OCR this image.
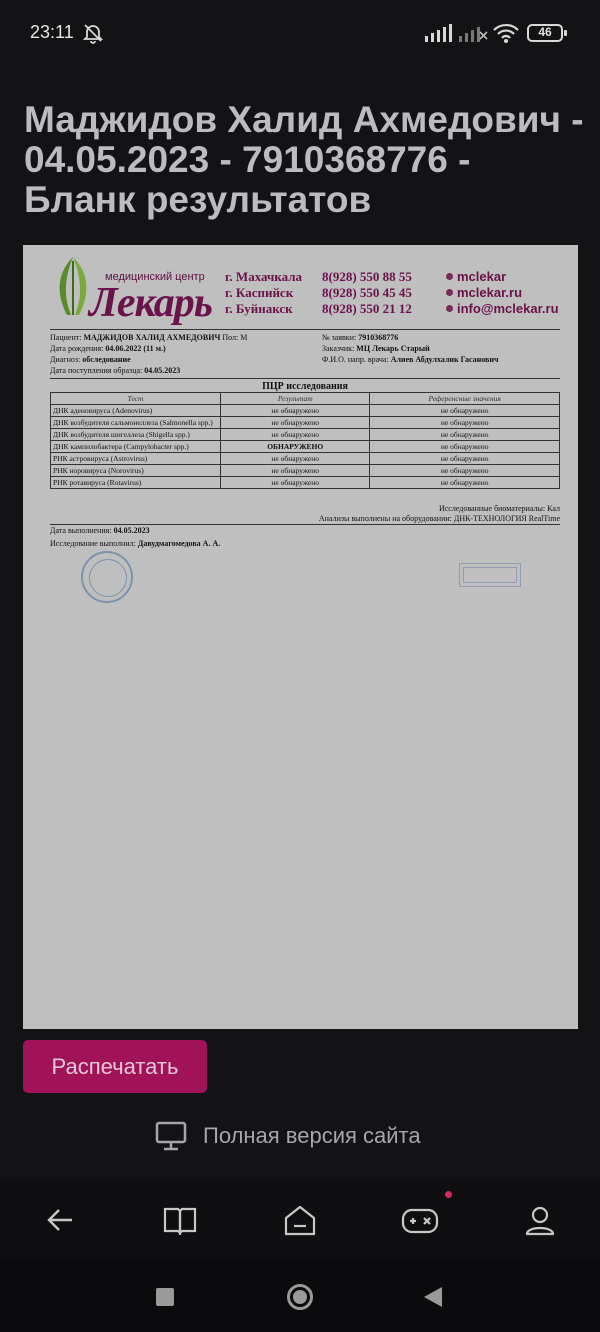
23:11	46
Маджидов Халид Ахмедович - 04.05.2023 - 7910368776 - Бланк результатов
медицинский центр
Лекарь
г. Махачкала
г. Каспийск
г. Буйнакск
8(928) 550 88 55
8(928) 550 45 45
8(928) 550 21 12
mclekar
mclekar.ru
info@mclekar.ru
Пациент: МАДЖИДОВ ХАЛИД АХМЕДОВИЧ Пол: М
Дата рождения: 04.06.2022 (11 м.)
Диагноз: обследование
Дата поступления образца: 04.05.2023
№ заявки: 7910368776
Заказчик: МЦ Лекарь Старый
Ф.И.О. напр. врача: Алиев Абдулхалик Гасанович
ПЦР исследования
Тест	Результат	Референсные значения
ДНК аденовируса (Adenovirus)	не обнаружено	не обнаружено
ДНК возбудителя сальмонеллеза (Salmonella spp.)	не обнаружено	не обнаружено
ДНК возбудителя шигеллеза (Shigella spp.)	не обнаружено	не обнаружено
ДНК кампилобактера (Campylobacter spp.)	ОБНАРУЖЕНО	не обнаружено
РНК астровируса (Astrovirus)	не обнаружено	не обнаружено
РНК норовируса (Norovirus)	не обнаружено	не обнаружено
РНК ротавируса (Rotavirus)	не обнаружено	не обнаружено
Исследованные биоматериалы: Кал
Анализы выполнены на оборудовании: ДНК-ТЕХНОЛОГИЯ RealTime
Дата выполнения: 04.05.2023
Исследование выполнил: Давудмагомедова А. А.
Распечатать
Полная версия сайта
